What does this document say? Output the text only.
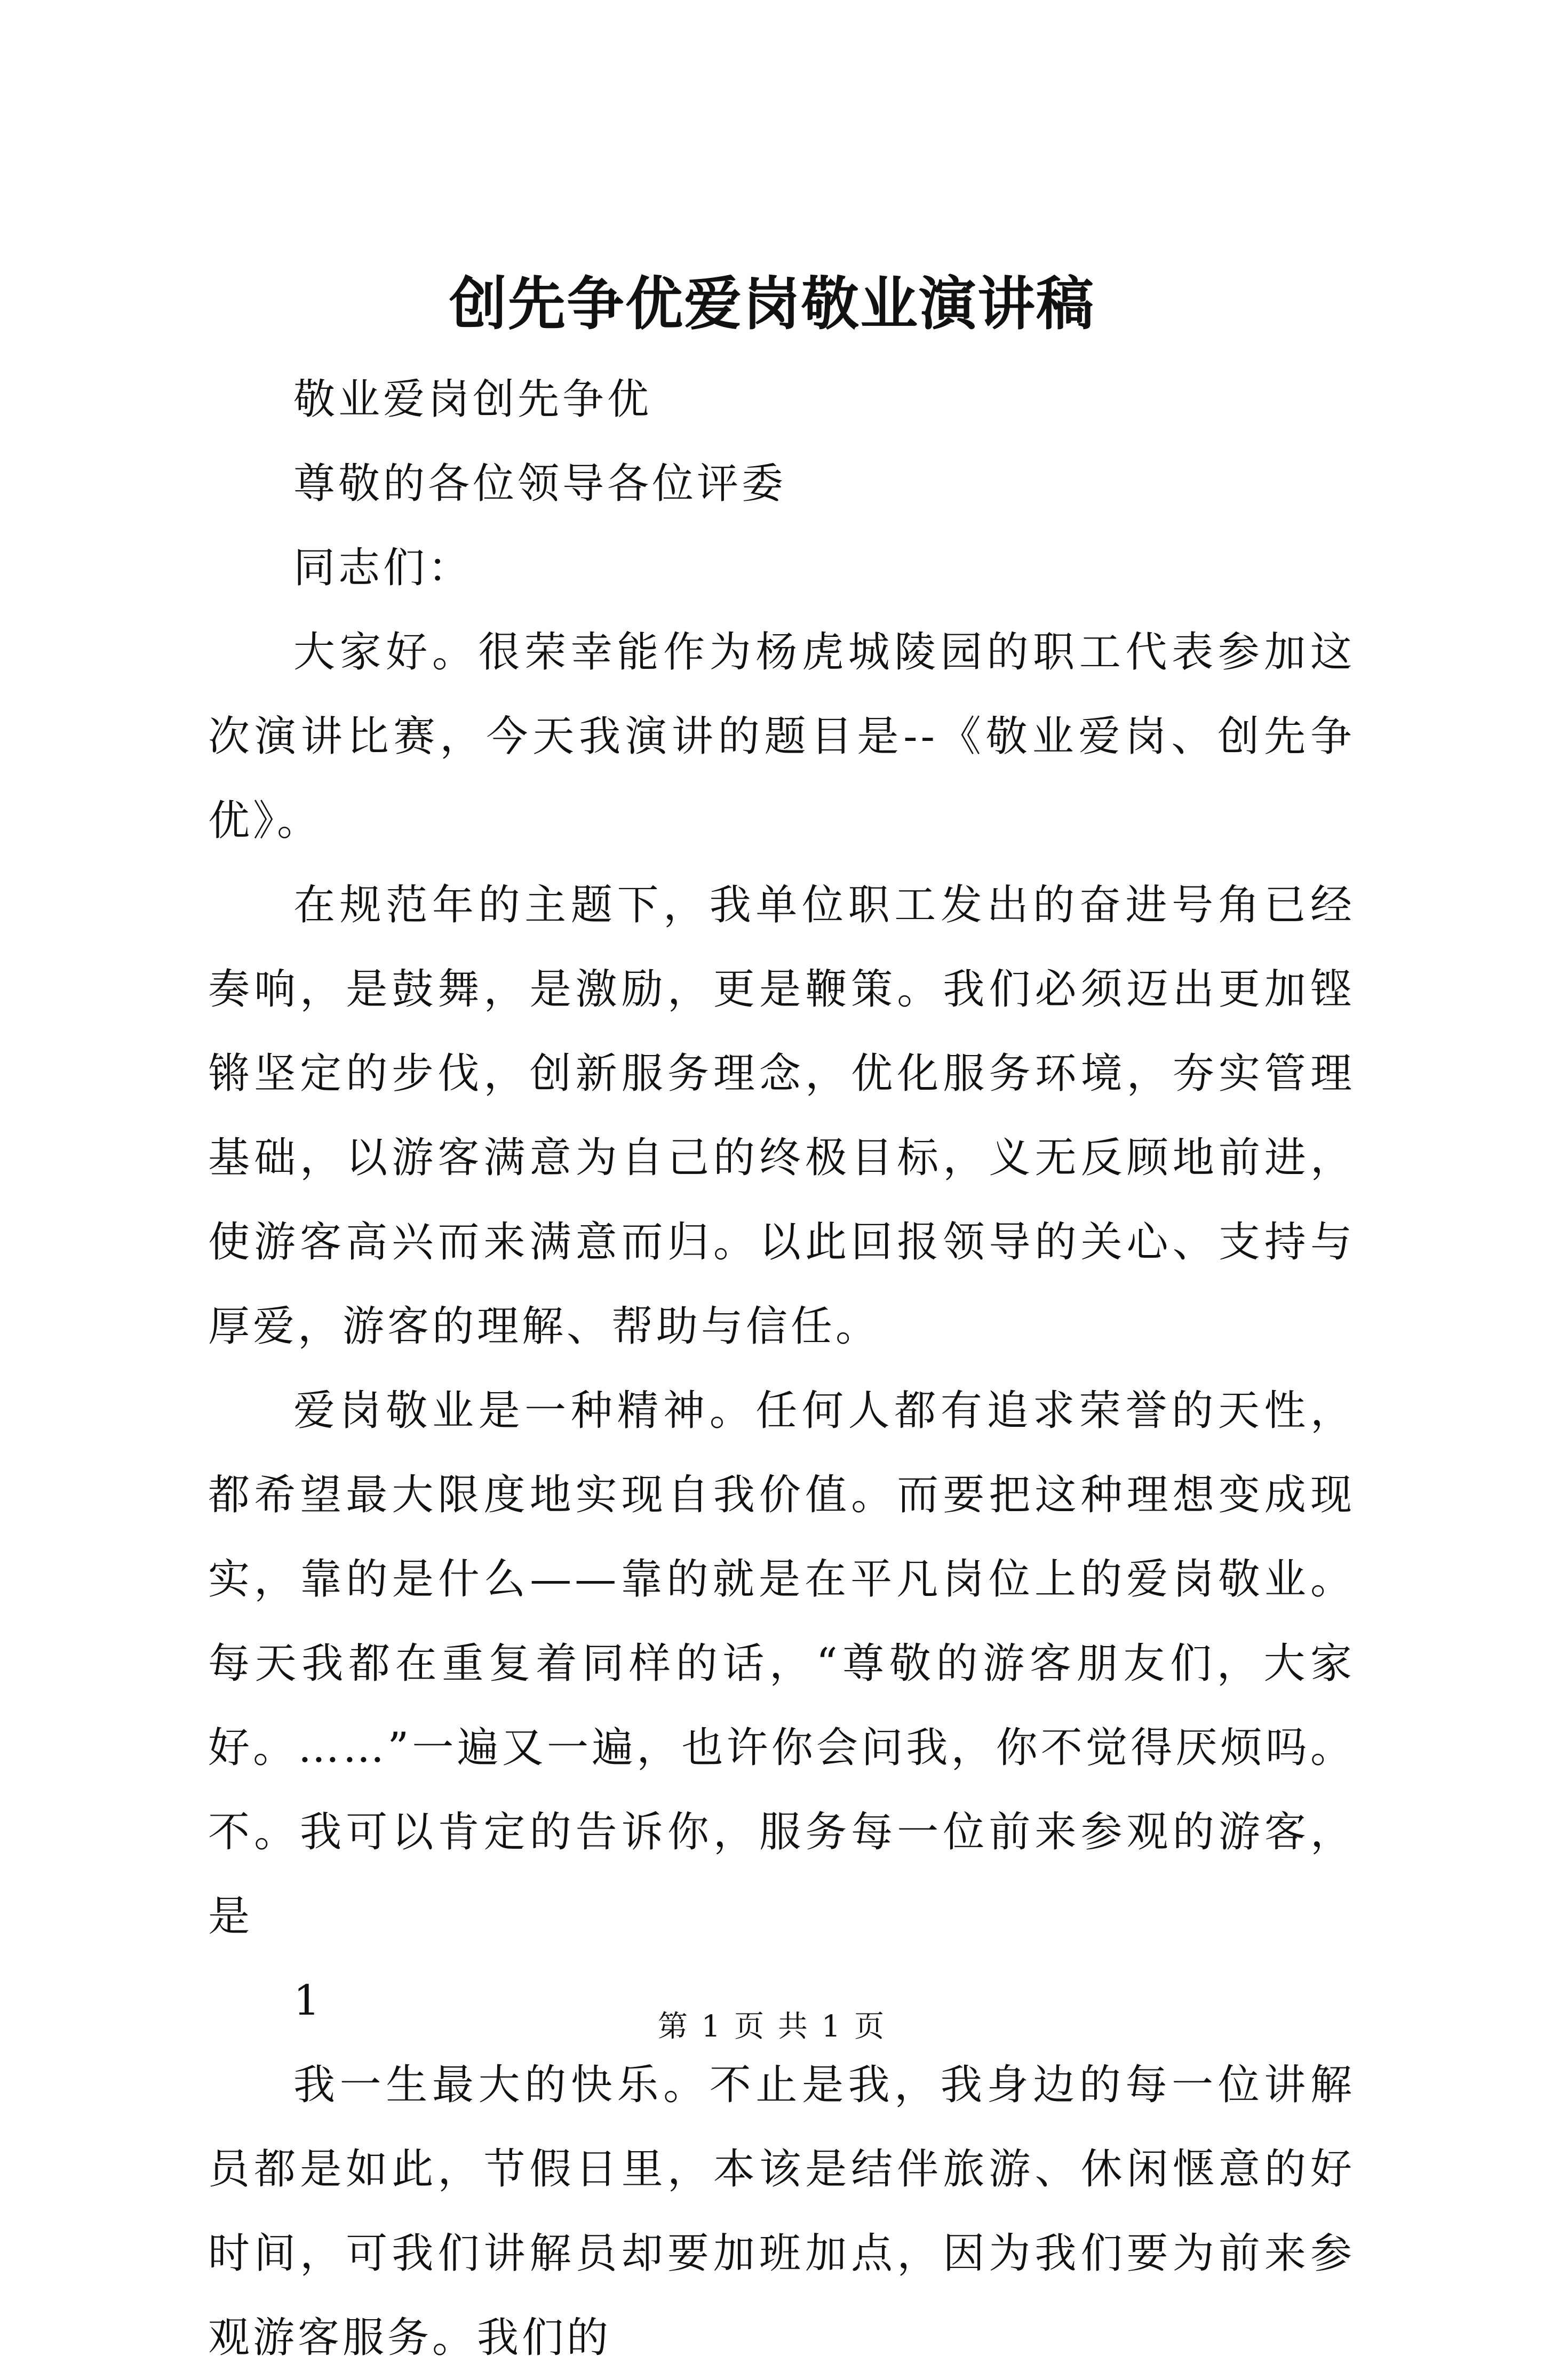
创先争优爱岗敬业演讲稿

敬业爱岗创先争优

尊敬的各位领导各位评委

同志们：

大家好。很荣幸能作为杨虎城陵园的职工代表参加这次演讲比赛，今天我演讲的题目是--《敬业爱岗、创先争优》。

在规范年的主题下，我单位职工发出的奋进号角已经奏响，是鼓舞，是激励，更是鞭策。我们必须迈出更加铿锵坚定的步伐，创新服务理念，优化服务环境，夯实管理基础，以游客满意为自己的终极目标，义无反顾地前进，使游客高兴而来满意而归。以此回报领导的关心、支持与厚爱，游客的理解、帮助与信任。

爱岗敬业是一种精神。任何人都有追求荣誉的天性，都希望最大限度地实现自我价值。而要把这种理想变成现实，靠的是什么——靠的就是在平凡岗位上的爱岗敬业。每天我都在重复着同样的话，“尊敬的游客朋友们，大家好。……”一遍又一遍，也许你会问我，你不觉得厌烦吗。不。我可以肯定的告诉你，服务每一位前来参观的游客，是

1

我一生最大的快乐。不止是我，我身边的每一位讲解员都是如此，节假日里，本该是结伴旅游、休闲惬意的好时间，可我们讲解员却要加班加点，因为我们要为前来参观游客服务。我们的

第 1 页 共 1 页
